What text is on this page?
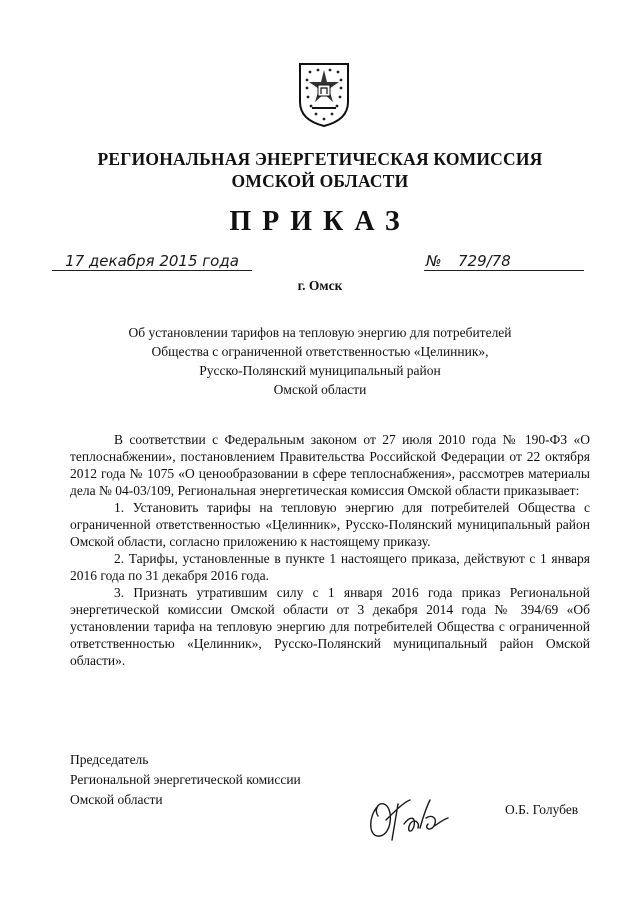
РЕГИОНАЛЬНАЯ ЭНЕРГЕТИЧЕСКАЯ КОМИССИЯ
ОМСКОЙ ОБЛАСТИ
ПРИКАЗ
17 декабря 2015 года	№ 729/78
г. Омск
Об установлении тарифов на тепловую энергию для потребителей
Общества с ограниченной ответственностью «Целинник»,
Русско-Полянский муниципальный район
Омской области

В соответствии с Федеральным законом от 27 июля 2010 года № 190-ФЗ «О теплоснабжении», постановлением Правительства Российской Федерации от 22 октября 2012 года № 1075 «О ценообразовании в сфере теплоснабжения», рассмотрев материалы дела № 04-03/109, Региональная энергетическая комиссия Омской области приказывает:

1. Установить тарифы на тепловую энергию для потребителей Общества с ограниченной ответственностью «Целинник», Русско-Полянский муниципальный район Омской области, согласно приложению к настоящему приказу.

2. Тарифы, установленные в пункте 1 настоящего приказа, действуют с 1 января 2016 года по 31 декабря 2016 года.

3. Признать утратившим силу с 1 января 2016 года приказ Региональной энергетической комиссии Омской области от 3 декабря 2014 года № 394/69 «Об установлении тарифа на тепловую энергию для потребителей Общества с ограниченной ответственностью «Целинник», Русско-Полянский муниципальный район Омской области».

Председатель
Региональной энергетической комиссии
Омской области
О.Б. Голубев
